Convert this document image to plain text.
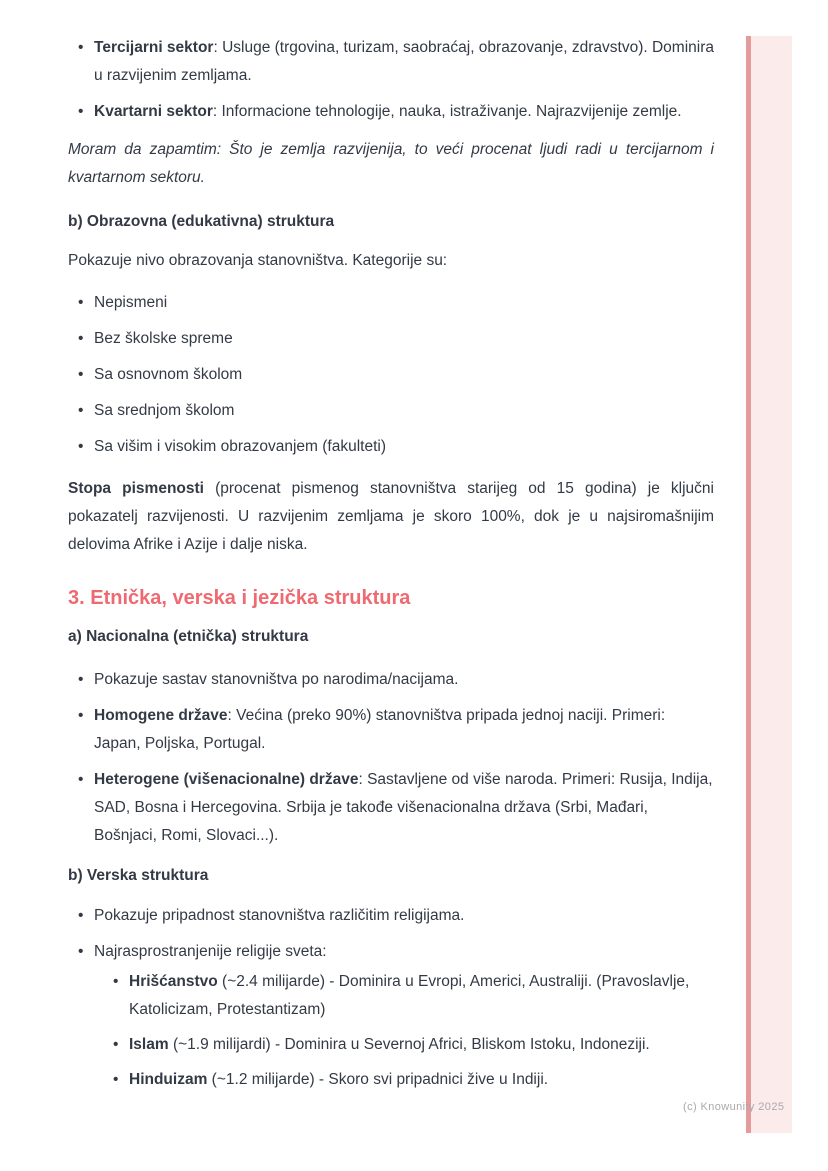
• Tercijarni sektor: Usluge (trgovina, turizam, saobraćaj, obrazovanje, zdravstvo). Dominira u razvijenim zemljama.
• Kvartarni sektor: Informacione tehnologije, nauka, istraživanje. Najrazvijenije zemlje.

Moram da zapamtim: Što je zemlja razvijenija, to veći procenat ljudi radi u tercijarnom i kvartarnom sektoru.

b) Obrazovna (edukativna) struktura

Pokazuje nivo obrazovanja stanovništva. Kategorije su:

• Nepismeni
• Bez školske spreme
• Sa osnovnom školom
• Sa srednjom školom
• Sa višim i visokim obrazovanjem (fakulteti)

Stopa pismenosti (procenat pismenog stanovništva starijeg od 15 godina) je ključni pokazatelj razvijenosti. U razvijenim zemljama je skoro 100%, dok je u najsiromašnijim delovima Afrike i Azije i dalje niska.

3. Etnička, verska i jezička struktura

a) Nacionalna (etnička) struktura

• Pokazuje sastav stanovništva po narodima/nacijama.
• Homogene države: Većina (preko 90%) stanovništva pripada jednoj naciji. Primeri: Japan, Poljska, Portugal.
• Heterogene (višenacionalne) države: Sastavljene od više naroda. Primeri: Rusija, Indija, SAD, Bosna i Hercegovina. Srbija je takođe višenacionalna država (Srbi, Mađari, Bošnjaci, Romi, Slovaci...).

b) Verska struktura

• Pokazuje pripadnost stanovništva različitim religijama.
• Najrasprostranjenije religije sveta:
• Hrišćanstvo (~2.4 milijarde) - Dominira u Evropi, Americi, Australiji. (Pravoslavlje, Katolicizam, Protestantizam)
• Islam (~1.9 milijardi) - Dominira u Severnoj Africi, Bliskom Istoku, Indoneziji.
• Hinduizam (~1.2 milijarde) - Skoro svi pripadnici žive u Indiji.
(c) Knowunity 2025
